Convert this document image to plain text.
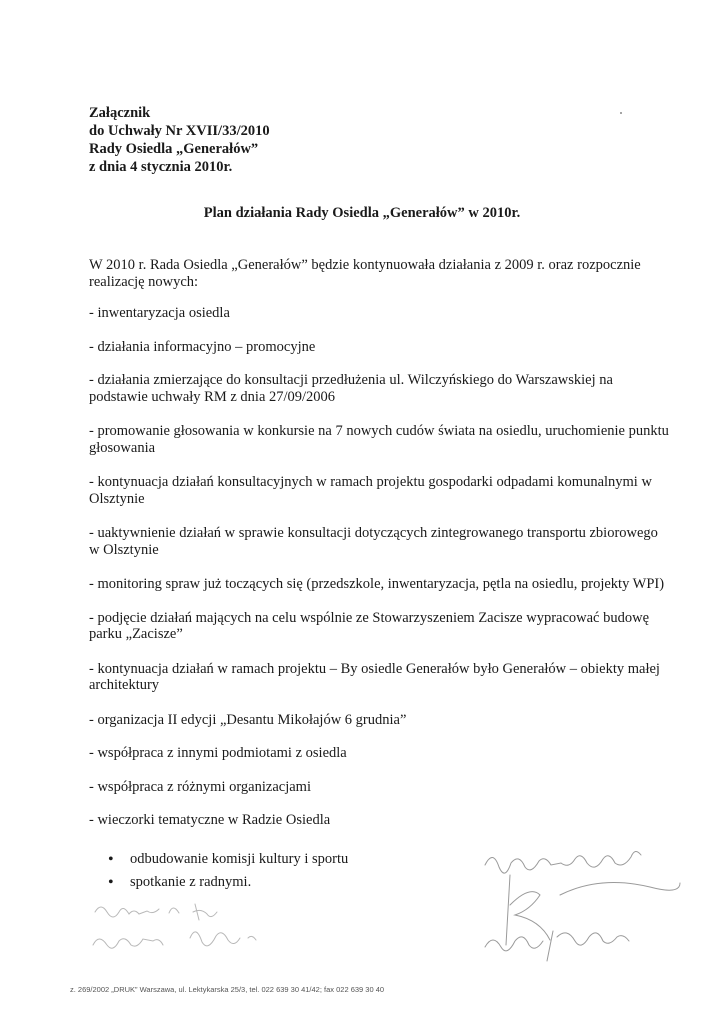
Załącznik
do Uchwały Nr XVII/33/2010
Rady Osiedla „Generałów”
z dnia 4 stycznia 2010r.
Plan działania Rady Osiedla „Generałów” w 2010r.
W 2010 r. Rada Osiedla „Generałów” będzie kontynuowała działania z 2009 r. oraz rozpocznie realizację nowych:

- inwentaryzacja osiedla

- działania informacyjno – promocyjne

- działania zmierzające do konsultacji przedłużenia ul. Wilczyńskiego do Warszawskiej na podstawie uchwały RM z dnia 27/09/2006

- promowanie głosowania w konkursie na 7 nowych cudów świata na osiedlu, uruchomienie punktu głosowania

- kontynuacja działań konsultacyjnych w ramach projektu gospodarki odpadami komunalnymi w Olsztynie

- uaktywnienie działań w sprawie konsultacji dotyczących zintegrowanego transportu zbiorowego w Olsztynie

- monitoring spraw już toczących się (przedszkole, inwentaryzacja, pętla na osiedlu, projekty WPI)

- podjęcie działań mających na celu wspólnie ze Stowarzyszeniem Zacisze wypracować budowę parku „Zacisze”

- kontynuacja działań w ramach projektu – By osiedle Generałów było Generałów – obiekty małej architektury

- organizacja II edycji „Desantu Mikołajów 6 grudnia”

- współpraca z innymi podmiotami z osiedla

- współpraca z różnymi organizacjami

- wieczorki tematyczne w Radzie Osiedla

• odbudowanie komisji kultury i sportu
• spotkanie z radnymi.
z. 269/2002 „DRUK” Warszawa, ul. Lektykarska 25/3, tel. 022 639 30 41/42; fax 022 639 30 40
